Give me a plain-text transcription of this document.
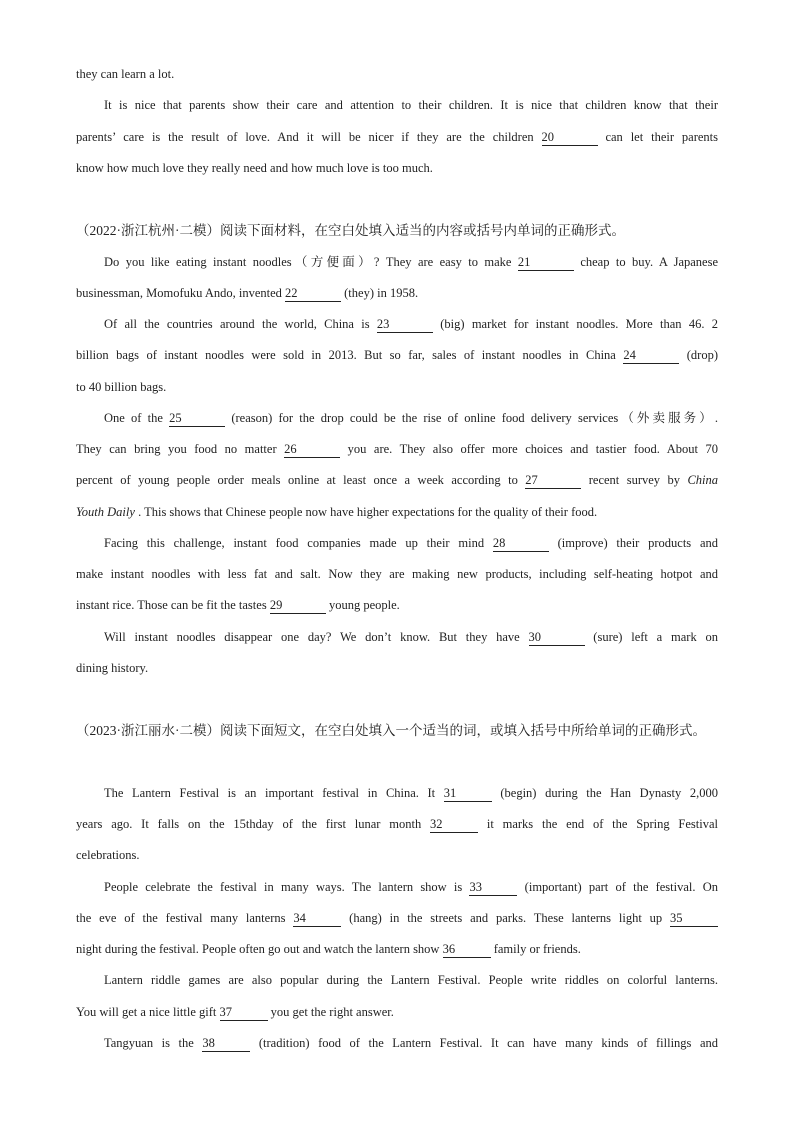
they can learn a lot.
It is nice that parents show their care and attention to their children. It is nice that children know that their
parents’ care is the result of love. And it will be nicer if they are the children 20	can let their parents
know how much love they really need and how much love is too much.
（2022·浙江杭州·二模）阅读下面材料，在空白处填入适当的内容或括号内单词的正确形式。
Do you like eating instant noodles（方便面）? They are easy to make 21	cheap to buy. A Japanese
businessman, Momofuku Ando, invented 22	(they) in 1958.
Of all the countries around the world, China is 23	(big) market for instant noodles. More than 46. 2
billion bags of instant noodles were sold in 2013. But so far, sales of instant noodles in China 24	(drop)
to 40 billion bags.
One of the 25	(reason) for the drop could be the rise of online food delivery services（外卖服务）.
They can bring you food no matter 26	you are. They also offer more choices and tastier food. About 70
percent of young people order meals online at least once a week according to 27	recent survey by China
Youth Daily . This shows that Chinese people now have higher expectations for the quality of their food.
Facing this challenge, instant food companies made up their mind 28	(improve) their products and
make instant noodles with less fat and salt. Now they are making new products, including self-heating hotpot and
instant rice. Those can be fit the tastes 29	young people.
Will instant noodles disappear one day? We don’t know. But they have 30	(sure) left a mark on
dining history.
（2023·浙江丽水·二模）阅读下面短文，在空白处填入一个适当的词，或填入括号中所给单词的正确形式。
The Lantern Festival is an important festival in China. It 31	(begin) during the Han Dynasty 2,000
years ago. It falls on the 15thday of the first lunar month 32	it marks the end of the Spring Festival
celebrations.
People celebrate the festival in many ways. The lantern show is 33	(important) part of the festival. On
the eve of the festival many lanterns 34	(hang) in the streets and parks. These lanterns light up 35
night during the festival. People often go out and watch the lantern show 36	family or friends.
Lantern riddle games are also popular during the Lantern Festival. People write riddles on colorful lanterns.
You will get a nice little gift 37	you get the right answer.
Tangyuan is the 38	(tradition) food of the Lantern Festival. It can have many kinds of fillings and
